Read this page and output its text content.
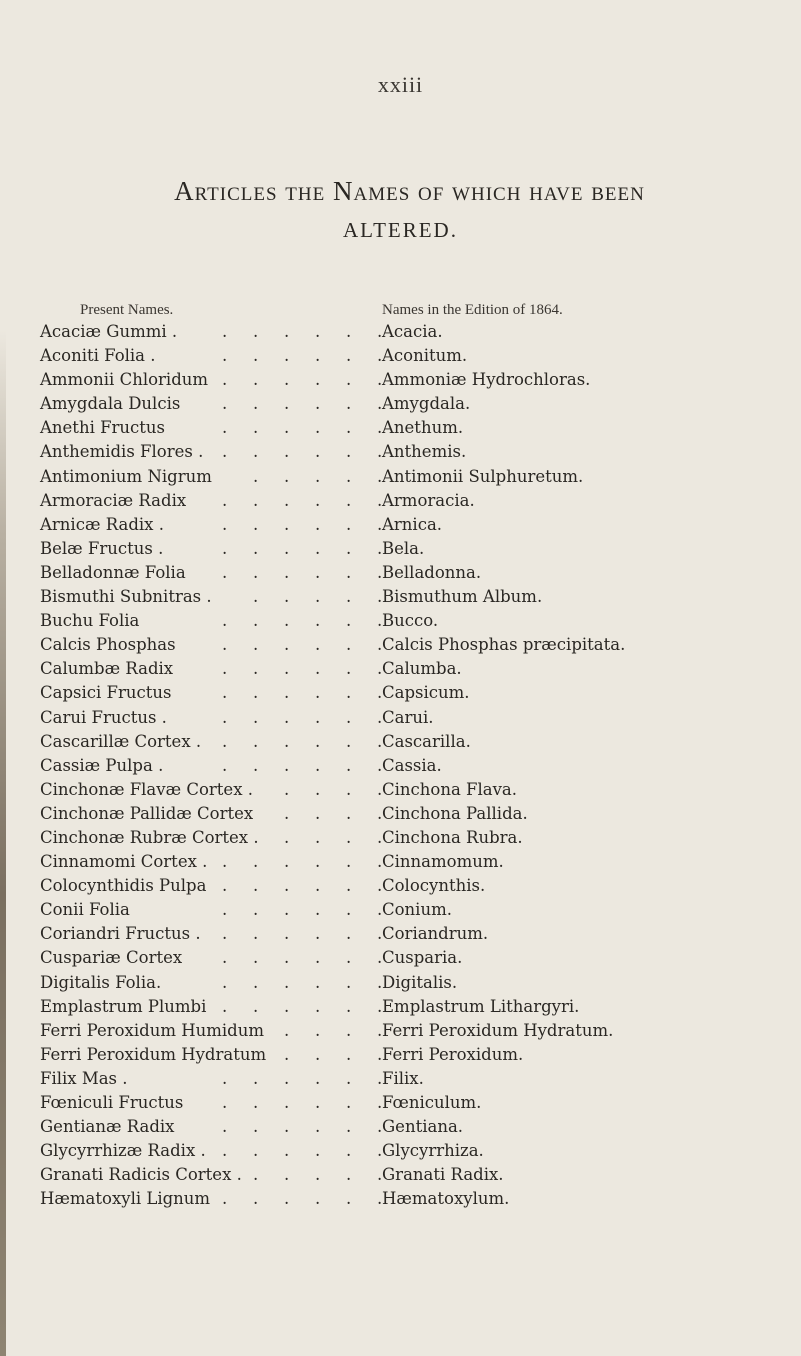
xxiii
Articles the Names of which have been
ALTERED.
Present Names.	Names in the Edition of 1864.
Acaciæ Gummi .	Acacia.
. . . . . .
Aconiti Folia .	Aconitum.
. . . . . .
Ammonii Chloridum	Ammoniæ Hydrochloras.
. . . . . .
Amygdala Dulcis	Amygdala.
. . . . . .
Anethi Fructus	Anethum.
. . . . . .
Anthemidis Flores .	Anthemis.
. . . . . .
Antimonium Nigrum	Antimonii Sulphuretum.
. . . . .
Armoraciæ Radix	Armoracia.
. . . . . .
Arnicæ Radix .	Arnica.
. . . . . .
Belæ Fructus .	Bela.
. . . . . .
Belladonnæ Folia	Belladonna.
. . . . . .
Bismuthi Subnitras .	Bismuthum Album.
. . . . .
Buchu Folia	Bucco.
. . . . . .
Calcis Phosphas	Calcis Phosphas præcipitata.
. . . . . .
Calumbæ Radix	Calumba.
. . . . . .
Capsici Fructus	Capsicum.
. . . . . .
Carui Fructus .	Carui.
. . . . . .
Cascarillæ Cortex .	Cascarilla.
. . . . . .
Cassiæ Pulpa .	Cassia.
. . . . . .
Cinchonæ Flavæ Cortex .	Cinchona Flava.
. . . .
Cinchonæ Pallidæ Cortex	Cinchona Pallida.
. . . .
Cinchonæ Rubræ Cortex .	Cinchona Rubra.
. . . .
Cinnamomi Cortex .	Cinnamomum.
. . . . . .
Colocynthidis Pulpa	Colocynthis.
. . . . . .
Conii Folia	Conium.
. . . . . .
Coriandri Fructus .	Coriandrum.
. . . . . .
Cuspariæ Cortex	Cusparia.
. . . . . .
Digitalis Folia.	Digitalis.
. . . . . .
Emplastrum Plumbi	Emplastrum Lithargyri.
. . . . . .
Ferri Peroxidum Humidum	Ferri Peroxidum Hydratum.
. . . .
Ferri Peroxidum Hydratum	Ferri Peroxidum.
. . . .
Filix Mas .	Filix.
. . . . . .
Fœniculi Fructus	Fœniculum.
. . . . . .
Gentianæ Radix	Gentiana.
. . . . . .
Glycyrrhizæ Radix .	Glycyrrhiza.
. . . . . .
Granati Radicis Cortex .	Granati Radix.
. . . . .
Hæmatoxyli Lignum	Hæmatoxylum.
. . . . . .
